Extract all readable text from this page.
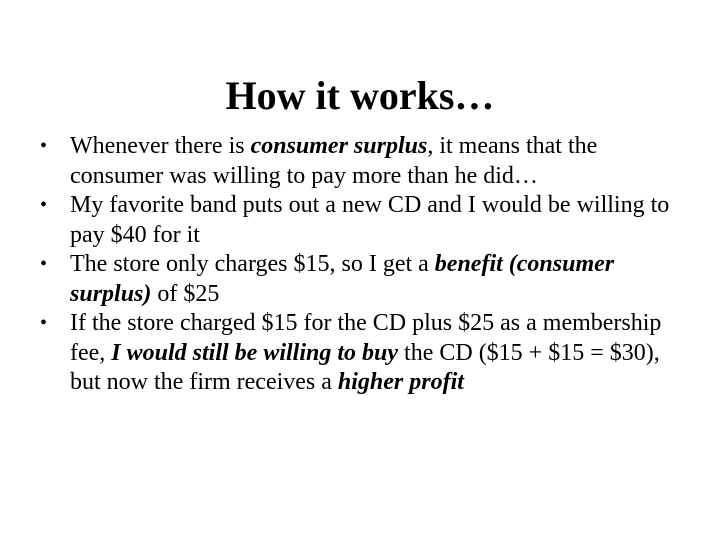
How it works…
• Whenever there is consumer surplus, it means that the consumer was willing to pay more than he did…
• My favorite band puts out a new CD and I would be willing to pay $40 for it
• The store only charges $15, so I get a benefit (consumer surplus) of $25
• If the store charged $15 for the CD plus $25 as a membership fee, I would still be willing to buy the CD ($15 + $15 = $30), but now the firm receives a higher profit
